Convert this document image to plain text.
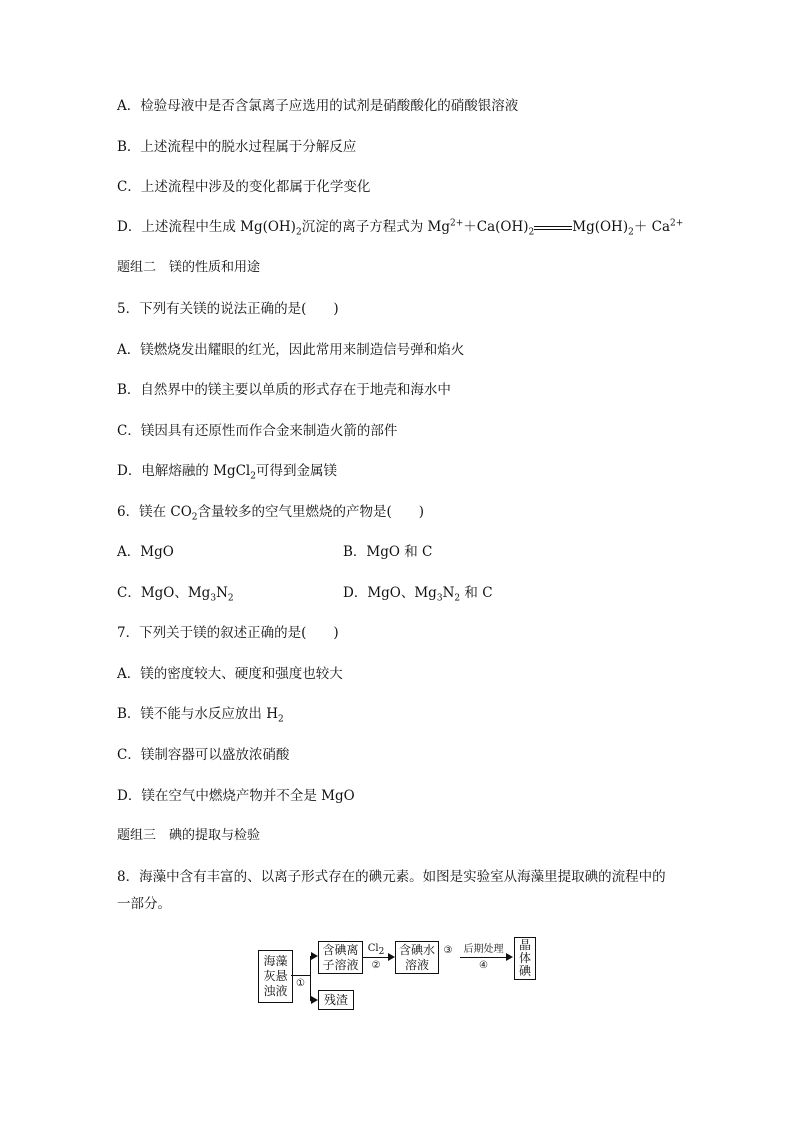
A．检验母液中是否含氯离子应选用的试剂是硝酸酸化的硝酸银溶液

B．上述流程中的脱水过程属于分解反应

C．上述流程中涉及的变化都属于化学变化

D．上述流程中生成 $Mg(OH)_2$沉淀的离子方程式为 $Mg^{2+}+Ca(OH)_2$	$Mg(OH)_2+ Ca^{2+}$

题组二　镁的性质和用途

5．下列有关镁的说法正确的是(　　)

A．镁燃烧发出耀眼的红光，因此常用来制造信号弹和焰火

B．自然界中的镁主要以单质的形式存在于地壳和海水中

C．镁因具有还原性而作合金来制造火箭的部件

D．电解熔融的 MgCl$_2$可得到金属镁

6．镁在 $CO_2$含量较多的空气里燃烧的产物是(　　)

A．MgO	B．MgO 和 C

C．MgO、$Mg_3N_2$	D．MgO、$Mg_3N_2$ 和 C

7．下列关于镁的叙述正确的是(　　)

A．镁的密度较大、硬度和强度也较大

B．镁不能与水反应放出 $H_2$

C．镁制容器可以盛放浓硝酸

D．镁在空气中燃烧产物并不全是 MgO

题组三　碘的提取与检验

8．海藻中含有丰富的、以离子形式存在的碘元素。如图是实验室从海藻里提取碘的流程中的

一部分。

海藻
灰悬
浊液
①
含碘离
子溶液
残渣
$Cl_2$
②
含碘水
溶液
③	后期处理
④
晶
体
碘
